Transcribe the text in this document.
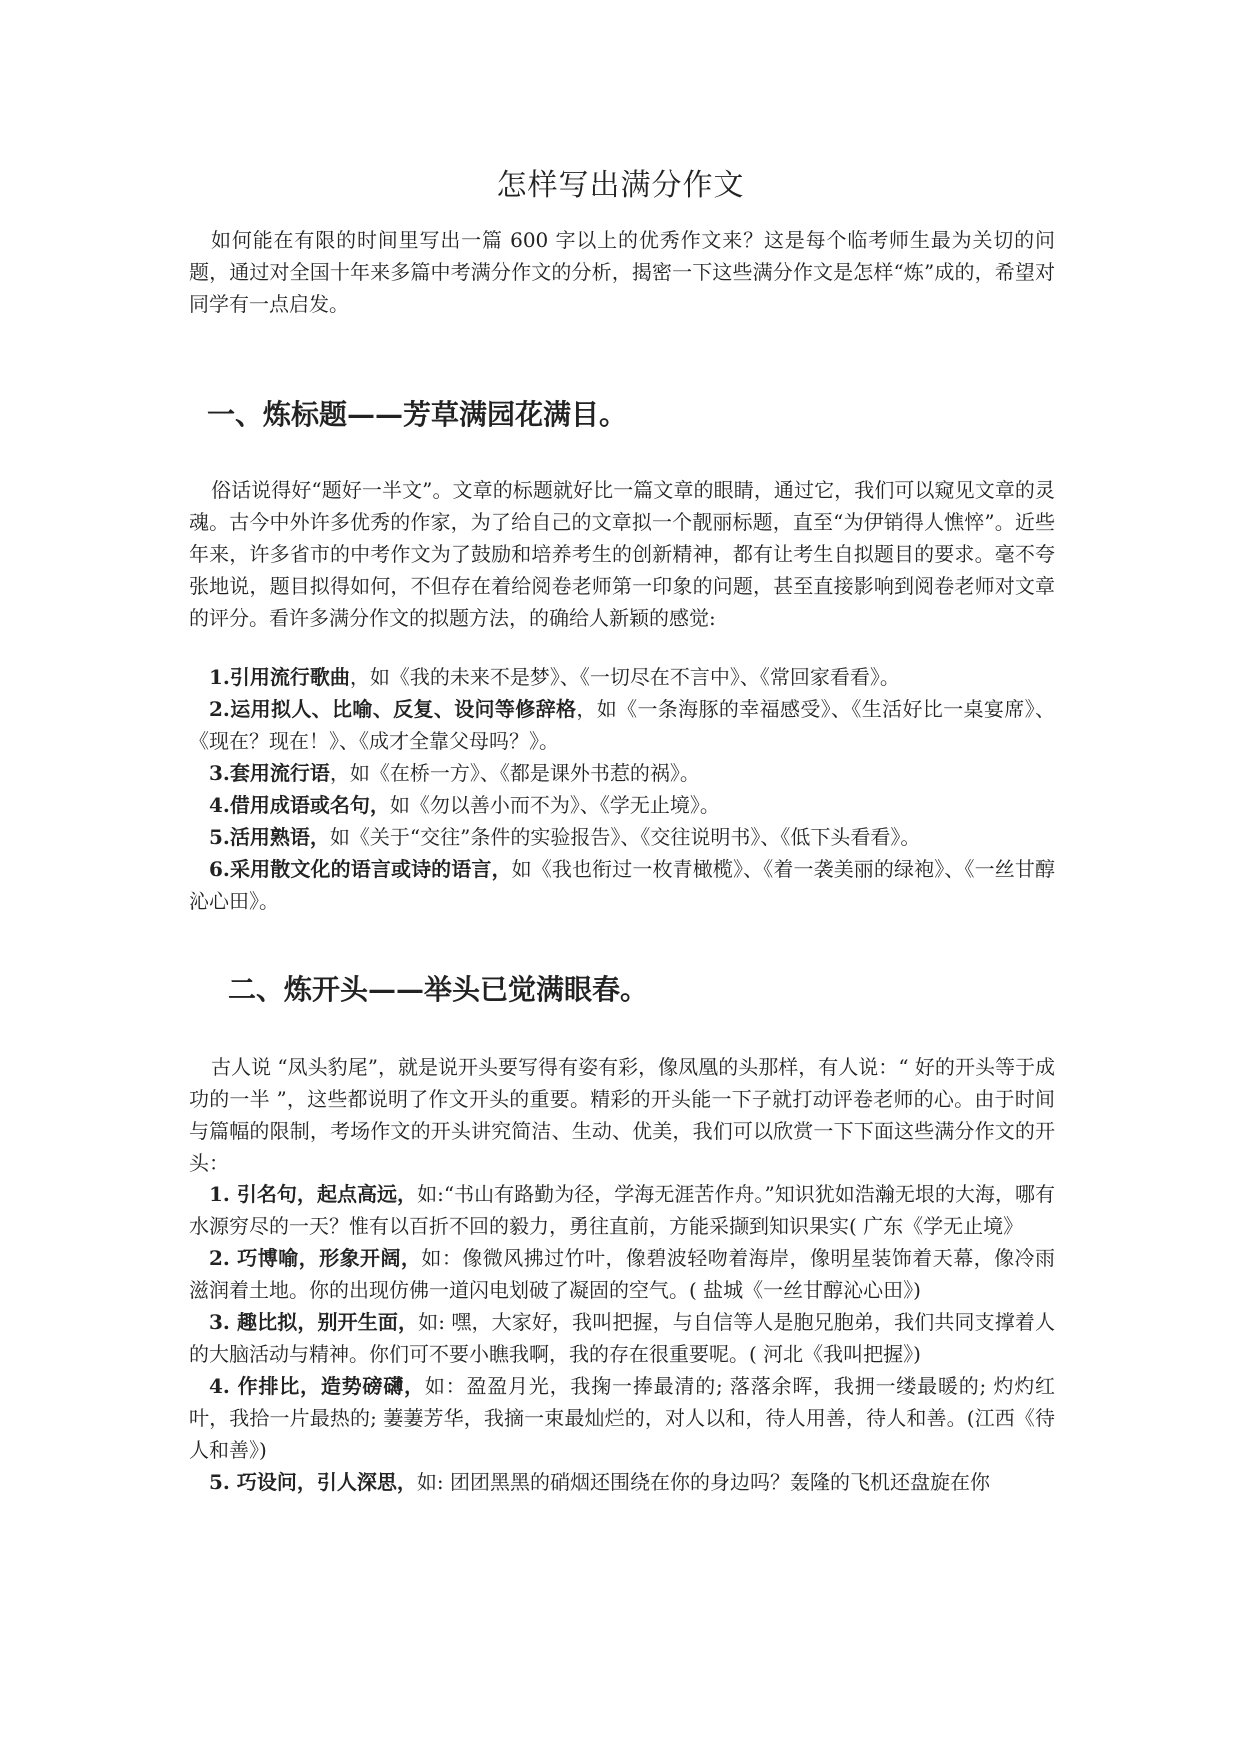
怎样写出满分作文

如何能在有限的时间里写出一篇 600 字以上的优秀作文来？这是每个临考师生最为关切的问题，通过对全国十年来多篇中考满分作文的分析，揭密一下这些满分作文是怎样“炼”成的，希望对同学有一点启发。

一、炼标题——芳草满园花满目。

俗话说得好“题好一半文”。文章的标题就好比一篇文章的眼睛，通过它，我们可以窥见文章的灵魂。古今中外许多优秀的作家，为了给自己的文章拟一个靓丽标题，直至“为伊销得人憔悴”。近些年来，许多省市的中考作文为了鼓励和培养考生的创新精神，都有让考生自拟题目的要求。毫不夸张地说，题目拟得如何，不但存在着给阅卷老师第一印象的问题，甚至直接影响到阅卷老师对文章的评分。看许多满分作文的拟题方法，的确给人新颖的感觉:

1.引用流行歌曲，如《我的未来不是梦》、《一切尽在不言中》、《常回家看看》。

2.运用拟人、比喻、反复、设问等修辞格，如《一条海豚的幸福感受》、《生活好比一桌宴席》、《现在？现在！》、《成才全靠父母吗？》。

3.套用流行语，如《在桥一方》、《都是课外书惹的祸》。

4.借用成语或名句，如《勿以善小而不为》、《学无止境》。

5.活用熟语，如《关于“交往”条件的实验报告》、《交往说明书》、《低下头看看》。

6.采用散文化的语言或诗的语言，如《我也衔过一枚青橄榄》、《着一袭美丽的绿袍》、《一丝甘醇沁心田》。

二、炼开头——举头已觉满眼春。

古人说 “凤头豹尾”，就是说开头要写得有姿有彩，像凤凰的头那样，有人说：“ 好的开头等于成功的一半 ”，这些都说明了作文开头的重要。精彩的开头能一下子就打动评卷老师的心。由于时间与篇幅的限制，考场作文的开头讲究简洁、生动、优美，我们可以欣赏一下下面这些满分作文的开头：

1. 引名句，起点高远，如:“书山有路勤为径，学海无涯苦作舟。”知识犹如浩瀚无垠的大海，哪有水源穷尽的一天？惟有以百折不回的毅力，勇往直前，方能采撷到知识果实( 广东《学无止境》

2. 巧博喻，形象开阔，如：像微风拂过竹叶，像碧波轻吻着海岸，像明星装饰着天幕，像冷雨滋润着土地。你的出现仿佛一道闪电划破了凝固的空气。( 盐城《一丝甘醇沁心田》)

3. 趣比拟，别开生面，如: 嘿，大家好，我叫把握，与自信等人是胞兄胞弟，我们共同支撑着人的大脑活动与精神。你们可不要小瞧我啊，我的存在很重要呢。( 河北《我叫把握》)

4. 作排比，造势磅礴，如：盈盈月光，我掬一捧最清的; 落落余晖，我拥一缕最暖的; 灼灼红叶，我拾一片最热的; 萋萋芳华，我摘一束最灿烂的，对人以和，待人用善，待人和善。(江西《待人和善》)

5. 巧设问，引人深思，如: 团团黑黑的硝烟还围绕在你的身边吗？轰隆的飞机还盘旋在你
